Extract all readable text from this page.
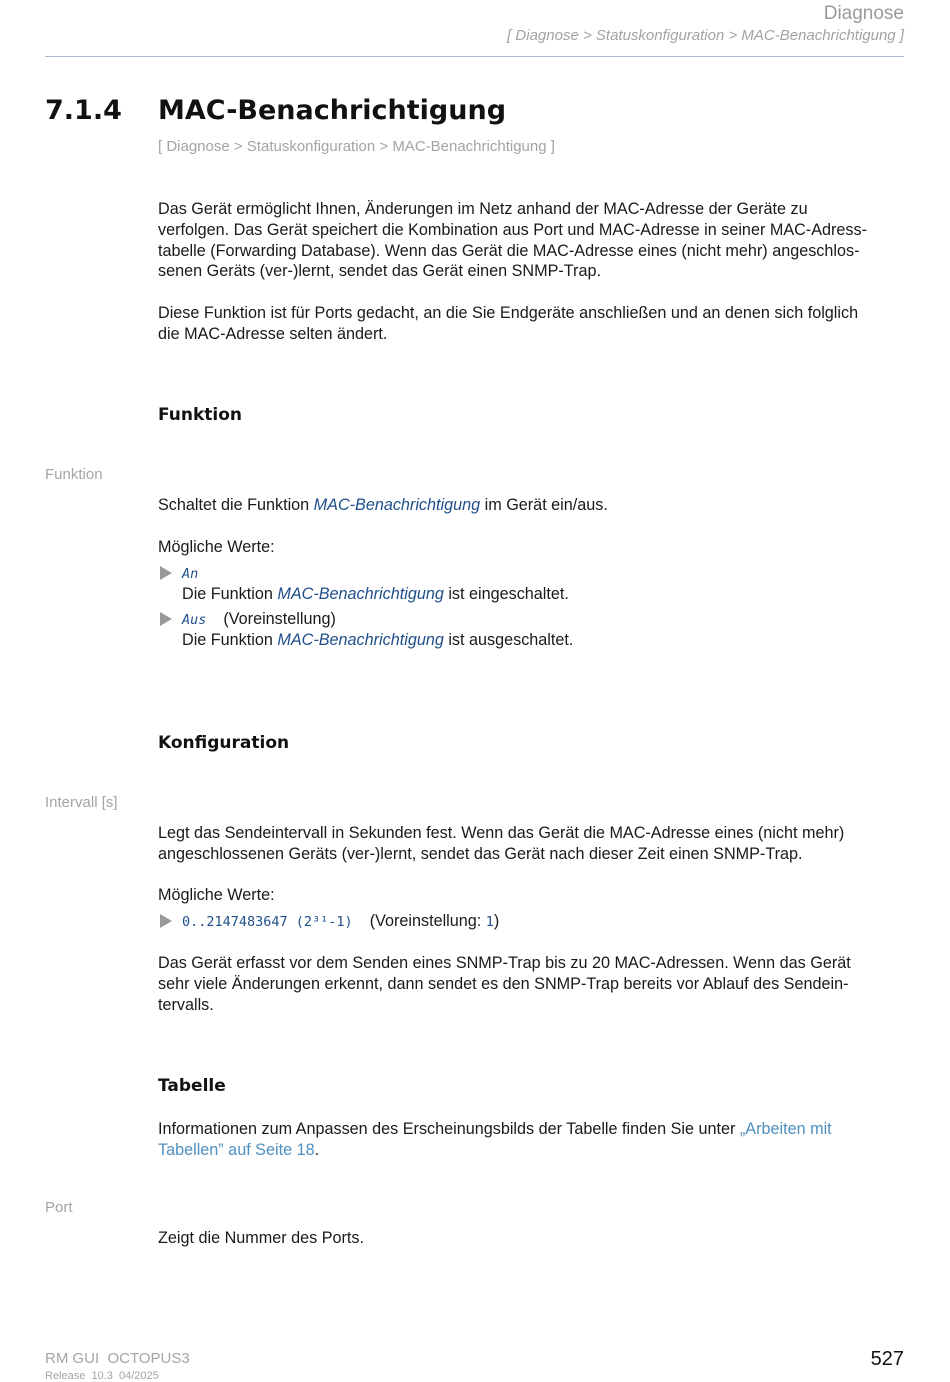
Diagnose
[ Diagnose > Statuskonfiguration > MAC-Benachrichtigung ]
7.1.4 MAC-Benachrichtigung
[ Diagnose > Statuskonfiguration > MAC-Benachrichtigung ]
Das Gerät ermöglicht Ihnen, Änderungen im Netz anhand der MAC-Adresse der Geräte zu
verfolgen. Das Gerät speichert die Kombination aus Port und MAC-Adresse in seiner MAC-Adress-
tabelle (Forwarding Database). Wenn das Gerät die MAC-Adresse eines (nicht mehr) angeschlos-
senen Geräts (ver-)lernt, sendet das Gerät einen SNMP-Trap.
Diese Funktion ist für Ports gedacht, an die Sie Endgeräte anschließen und an denen sich folglich
die MAC-Adresse selten ändert.
Funktion
Funktion
Schaltet die Funktion MAC-Benachrichtigung im Gerät ein/aus.
Mögliche Werte:
An
Die Funktion MAC-Benachrichtigung ist eingeschaltet.
Aus (Voreinstellung)
Die Funktion MAC-Benachrichtigung ist ausgeschaltet.
Konfiguration
Intervall [s]
Legt das Sendeintervall in Sekunden fest. Wenn das Gerät die MAC-Adresse eines (nicht mehr)
angeschlossenen Geräts (ver-)lernt, sendet das Gerät nach dieser Zeit einen SNMP-Trap.
Mögliche Werte:
0..2147483647 (2³¹-1) (Voreinstellung: 1)
Das Gerät erfasst vor dem Senden eines SNMP-Trap bis zu 20 MAC-Adressen. Wenn das Gerät
sehr viele Änderungen erkennt, dann sendet es den SNMP-Trap bereits vor Ablauf des Sendein-
tervalls.
Tabelle
Informationen zum Anpassen des Erscheinungsbilds der Tabelle finden Sie unter „Arbeiten mit
Tabellen” auf Seite 18.
Port
Zeigt die Nummer des Ports.
RM GUI  OCTOPUS3
Release  10.3  04/2025
527
